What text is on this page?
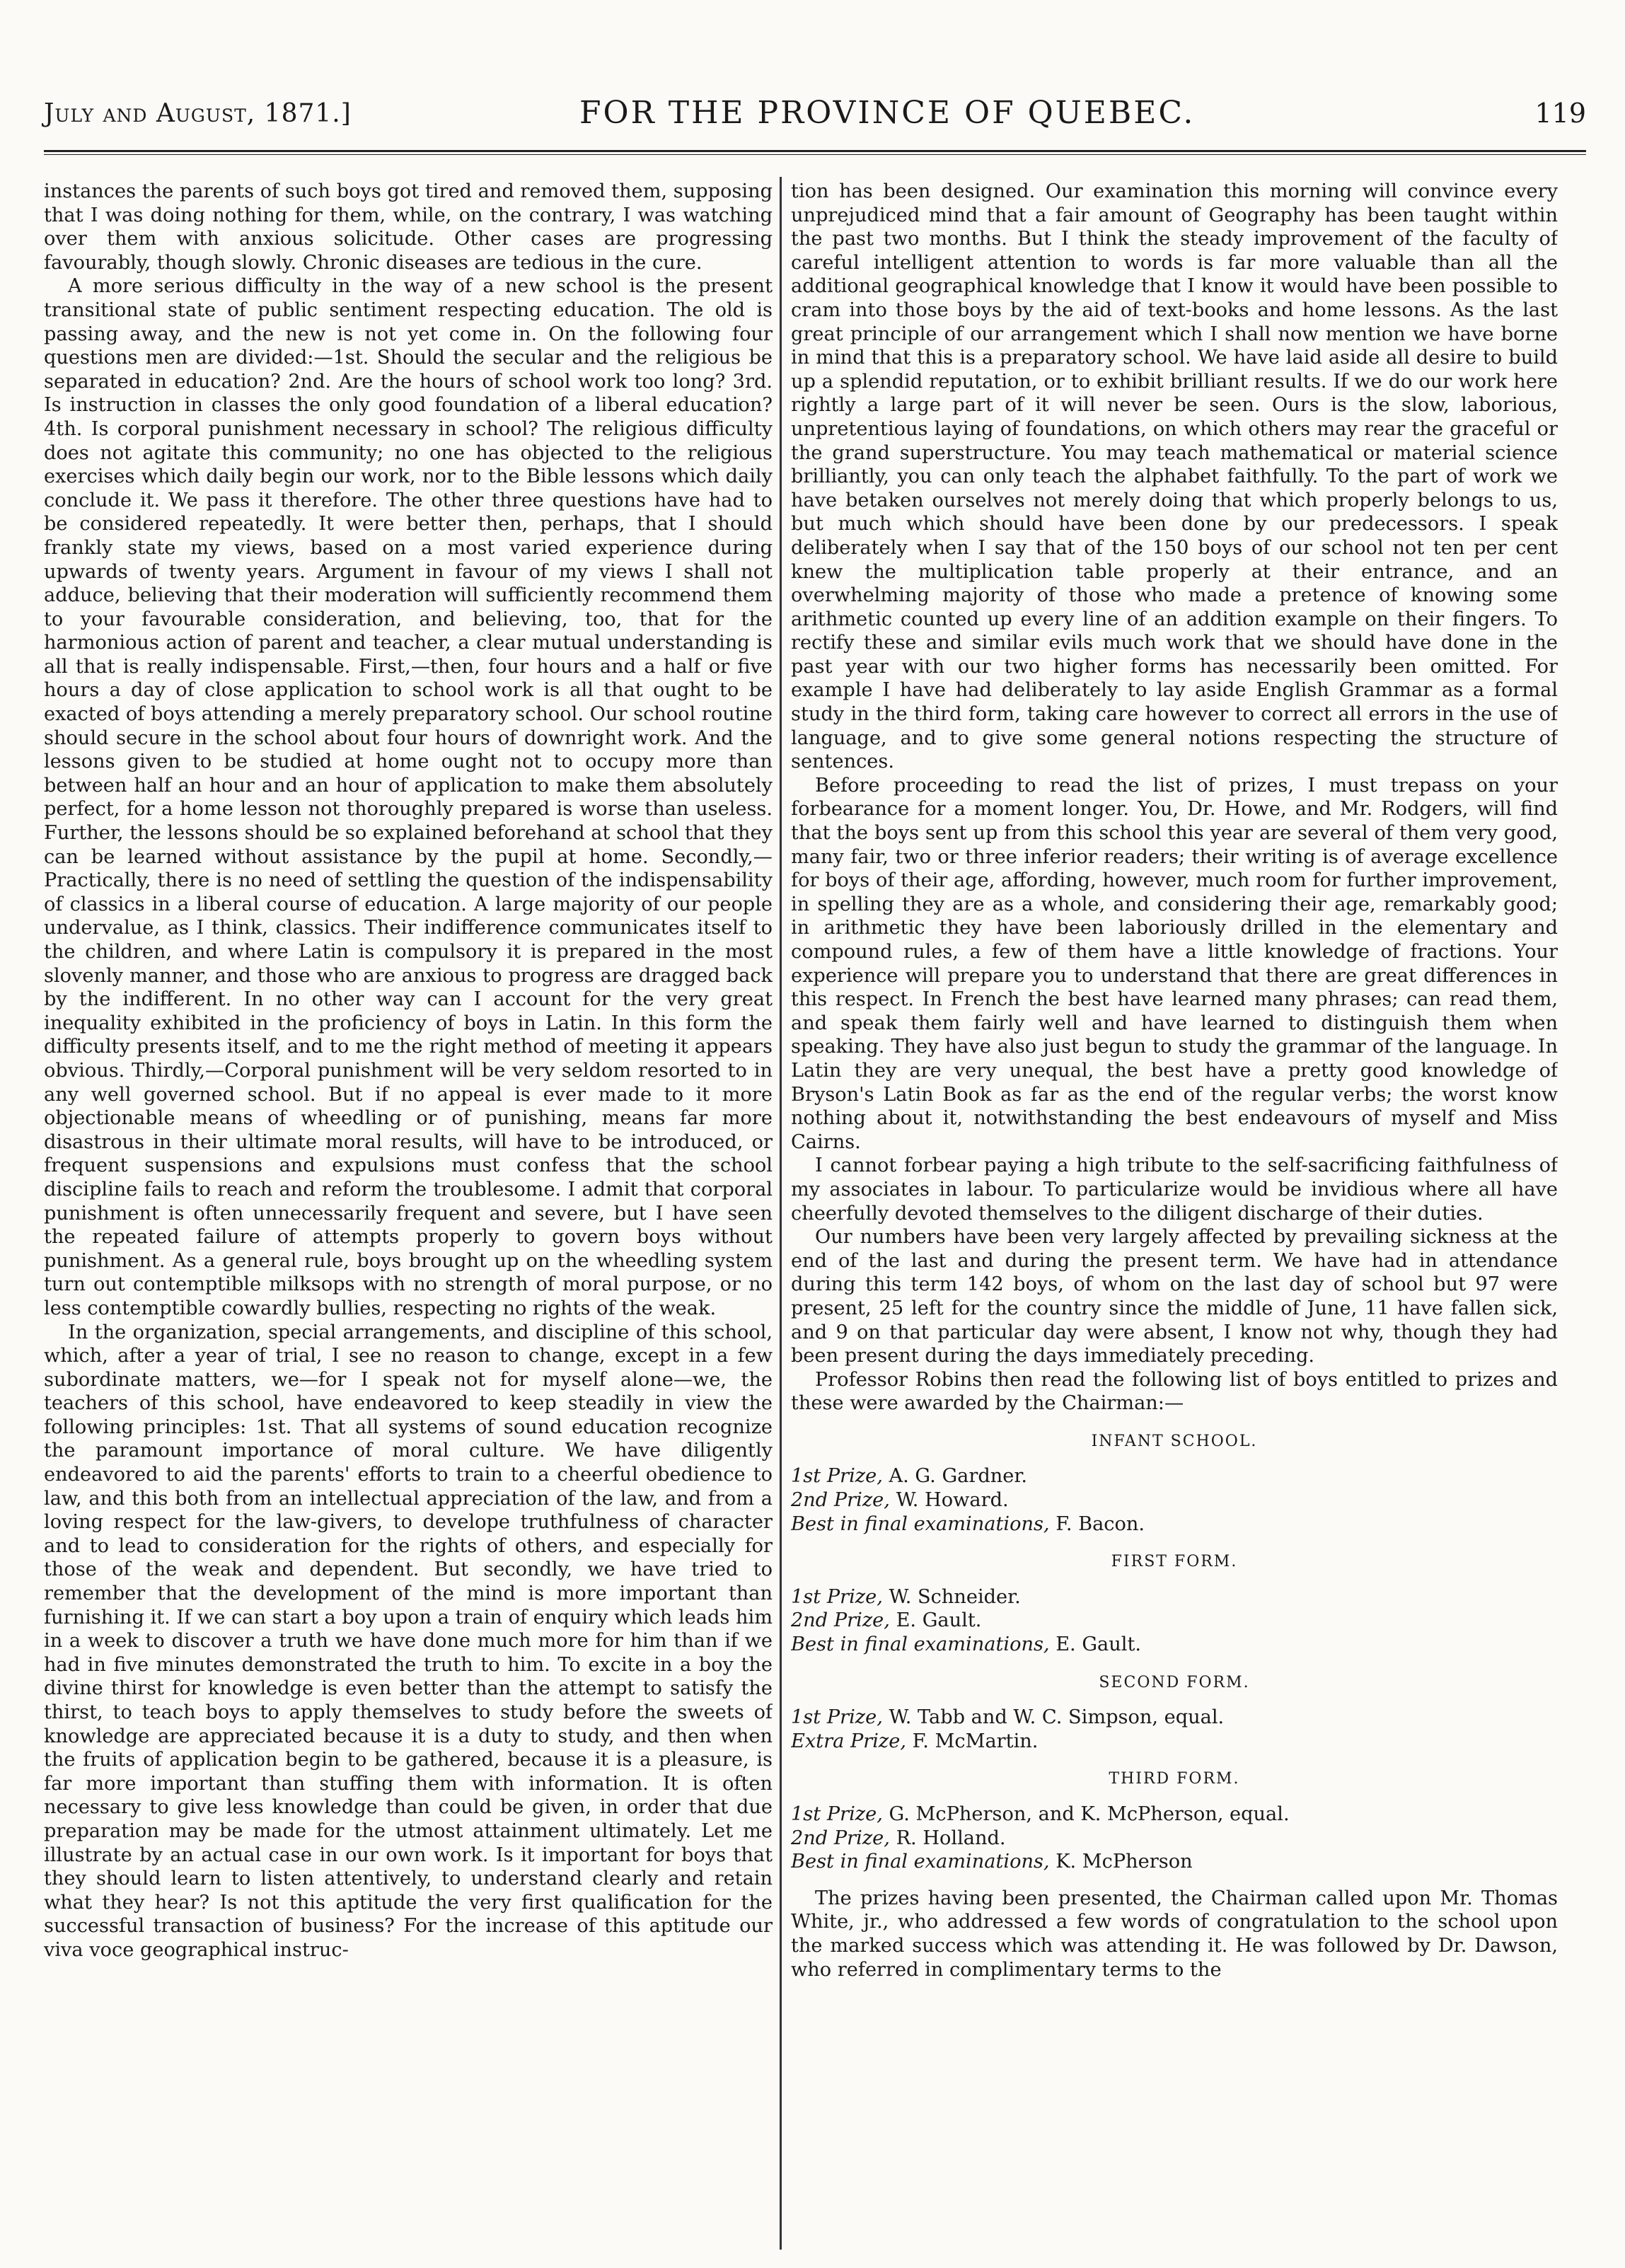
July and August, 1871.]	FOR THE PROVINCE OF QUEBEC.	119

instances the parents of such boys got tired and removed them, supposing that I was doing nothing for them, while, on the contrary, I was watching over them with anxious solicitude. Other cases are progressing favourably, though slowly. Chronic diseases are tedious in the cure.

A more serious difficulty in the way of a new school is the present transitional state of public sentiment respecting education. The old is passing away, and the new is not yet come in. On the following four questions men are divided:—1st. Should the secular and the religious be separated in education? 2nd. Are the hours of school work too long? 3rd. Is instruction in classes the only good foundation of a liberal education? 4th. Is corporal punishment necessary in school? The religious difficulty does not agitate this community; no one has objected to the religious exercises which daily begin our work, nor to the Bible lessons which daily conclude it. We pass it therefore. The other three questions have had to be considered repeatedly. It were better then, perhaps, that I should frankly state my views, based on a most varied experience during upwards of twenty years. Argument in favour of my views I shall not adduce, believing that their moderation will sufficiently recommend them to your favourable consideration, and believing, too, that for the harmonious action of parent and teacher, a clear mutual understanding is all that is really indispensable. First,—then, four hours and a half or five hours a day of close application to school work is all that ought to be exacted of boys attending a merely preparatory school. Our school routine should secure in the school about four hours of downright work. And the lessons given to be studied at home ought not to occupy more than between half an hour and an hour of application to make them absolutely perfect, for a home lesson not thoroughly prepared is worse than useless. Further, the lessons should be so explained beforehand at school that they can be learned without assistance by the pupil at home. Secondly,—Practically, there is no need of settling the question of the indispensability of classics in a liberal course of education. A large majority of our people undervalue, as I think, classics. Their indifference communicates itself to the children, and where Latin is compulsory it is prepared in the most slovenly manner, and those who are anxious to progress are dragged back by the indifferent. In no other way can I account for the very great inequality exhibited in the proficiency of boys in Latin. In this form the difficulty presents itself, and to me the right method of meeting it appears obvious. Thirdly,—Corporal punishment will be very seldom resorted to in any well governed school. But if no appeal is ever made to it more objectionable means of wheedling or of punishing, means far more disastrous in their ultimate moral results, will have to be introduced, or frequent suspensions and expulsions must confess that the school discipline fails to reach and reform the troublesome. I admit that corporal punishment is often unnecessarily frequent and severe, but I have seen the repeated failure of attempts properly to govern boys without punishment. As a general rule, boys brought up on the wheedling system turn out contemptible milksops with no strength of moral purpose, or no less contemptible cowardly bullies, respecting no rights of the weak.

In the organization, special arrangements, and discipline of this school, which, after a year of trial, I see no reason to change, except in a few subordinate matters, we—for I speak not for myself alone—we, the teachers of this school, have endeavored to keep steadily in view the following principles: 1st. That all systems of sound education recognize the paramount importance of moral culture. We have diligently endeavored to aid the parents' efforts to train to a cheerful obedience to law, and this both from an intellectual appreciation of the law, and from a loving respect for the law-givers, to develope truthfulness of character and to lead to consideration for the rights of others, and especially for those of the weak and dependent. But secondly, we have tried to remember that the development of the mind is more important than furnishing it. If we can start a boy upon a train of enquiry which leads him in a week to discover a truth we have done much more for him than if we had in five minutes demonstrated the truth to him. To excite in a boy the divine thirst for knowledge is even better than the attempt to satisfy the thirst, to teach boys to apply themselves to study before the sweets of knowledge are appreciated because it is a duty to study, and then when the fruits of application begin to be gathered, because it is a pleasure, is far more important than stuffing them with information. It is often necessary to give less knowledge than could be given, in order that due preparation may be made for the utmost attainment ultimately. Let me illustrate by an actual case in our own work. Is it important for boys that they should learn to listen attentively, to understand clearly and retain what they hear? Is not this aptitude the very first qualification for the successful transaction of business? For the increase of this aptitude our viva voce geographical instruc-

tion has been designed. Our examination this morning will convince every unprejudiced mind that a fair amount of Geography has been taught within the past two months. But I think the steady improvement of the faculty of careful intelligent attention to words is far more valuable than all the additional geographical knowledge that I know it would have been possible to cram into those boys by the aid of text-books and home lessons. As the last great principle of our arrangement which I shall now mention we have borne in mind that this is a preparatory school. We have laid aside all desire to build up a splendid reputation, or to exhibit brilliant results. If we do our work here rightly a large part of it will never be seen. Ours is the slow, laborious, unpretentious laying of foundations, on which others may rear the graceful or the grand superstructure. You may teach mathematical or material science brilliantly, you can only teach the alphabet faithfully. To the part of work we have betaken ourselves not merely doing that which properly belongs to us, but much which should have been done by our predecessors. I speak deliberately when I say that of the 150 boys of our school not ten per cent knew the multiplication table properly at their entrance, and an overwhelming majority of those who made a pretence of knowing some arithmetic counted up every line of an addition example on their fingers. To rectify these and similar evils much work that we should have done in the past year with our two higher forms has necessarily been omitted. For example I have had deliberately to lay aside English Grammar as a formal study in the third form, taking care however to correct all errors in the use of language, and to give some general notions respecting the structure of sentences.

Before proceeding to read the list of prizes, I must trepass on your forbearance for a moment longer. You, Dr. Howe, and Mr. Rodgers, will find that the boys sent up from this school this year are several of them very good, many fair, two or three inferior readers; their writing is of average excellence for boys of their age, affording, however, much room for further improvement, in spelling they are as a whole, and considering their age, remarkably good; in arithmetic they have been laboriously drilled in the elementary and compound rules, a few of them have a little knowledge of fractions. Your experience will prepare you to understand that there are great differences in this respect. In French the best have learned many phrases; can read them, and speak them fairly well and have learned to distinguish them when speaking. They have also just begun to study the grammar of the language. In Latin they are very unequal, the best have a pretty good knowledge of Bryson's Latin Book as far as the end of the regular verbs; the worst know nothing about it, notwithstanding the best endeavours of myself and Miss Cairns.

I cannot forbear paying a high tribute to the self-sacrificing faithfulness of my associates in labour. To particularize would be invidious where all have cheerfully devoted themselves to the diligent discharge of their duties.

Our numbers have been very largely affected by prevailing sickness at the end of the last and during the present term. We have had in attendance during this term 142 boys, of whom on the last day of school but 97 were present, 25 left for the country since the middle of June, 11 have fallen sick, and 9 on that particular day were absent, I know not why, though they had been present during the days immediately preceding.

Professor Robins then read the following list of boys entitled to prizes and these were awarded by the Chairman:—

INFANT SCHOOL.

1st Prize, A. G. Gardner.

2nd Prize, W. Howard.

Best in final examinations, F. Bacon.

FIRST FORM.

1st Prize, W. Schneider.

2nd Prize, E. Gault.

Best in final examinations, E. Gault.

SECOND FORM.

1st Prize, W. Tabb and W. C. Simpson, equal.

Extra Prize, F. McMartin.

THIRD FORM.

1st Prize, G. McPherson, and K. McPherson, equal.

2nd Prize, R. Holland.

Best in final examinations, K. McPherson

The prizes having been presented, the Chairman called upon Mr. Thomas White, jr., who addressed a few words of congratulation to the school upon the marked success which was attending it. He was followed by Dr. Dawson, who referred in complimentary terms to the
